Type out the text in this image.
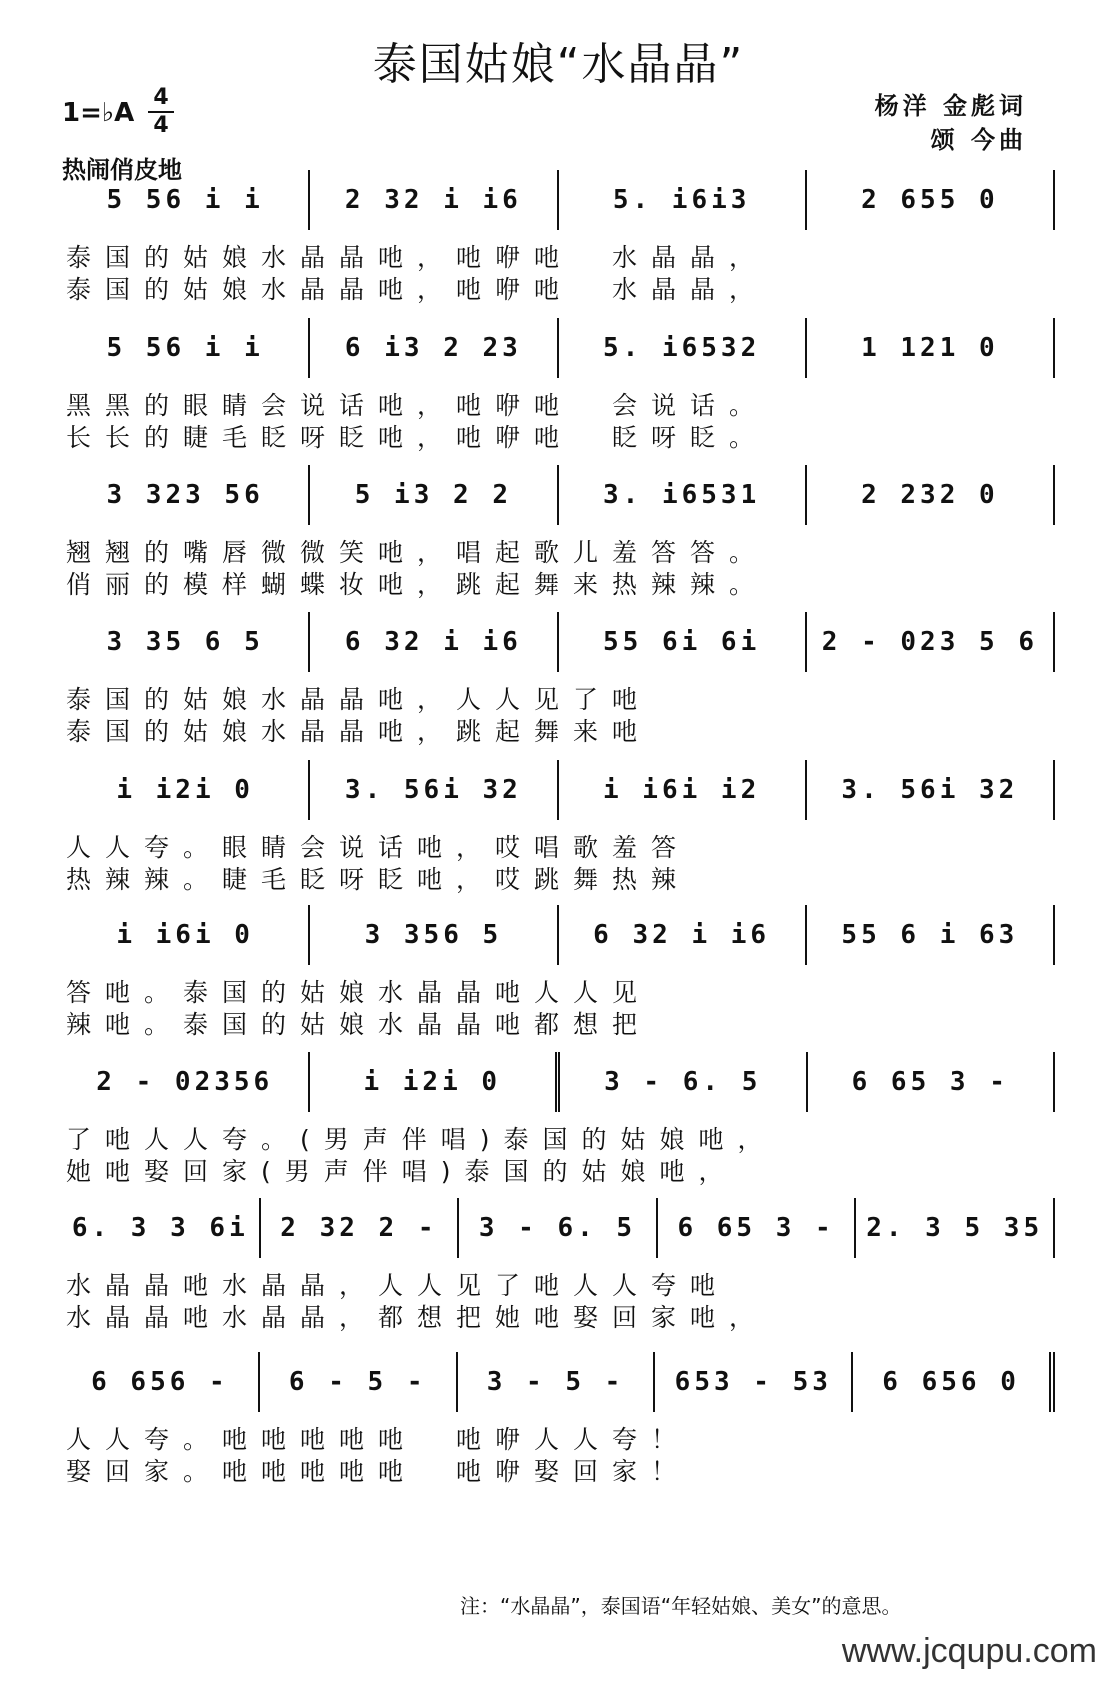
泰国姑娘“水晶晶”
杨洋 金彪词
颂 今曲
1=♭A
4
4
热闹俏皮地
5 56 i i	2 32 i i6	5. i6i3	2 655 0
泰国的姑娘水晶晶吔，吔咿吔　水晶晶，
泰国的姑娘水晶晶吔，吔咿吔　水晶晶，
5 56 i i	6 i3 2 23	5. i6532	1 121 0
黑黑的眼睛会说话吔，吔咿吔　会说话。
长长的睫毛眨呀眨吔，吔咿吔　眨呀眨。
3 323 56	5 i3 2 2	3. i6531	2 232 0
翘翘的嘴唇微微笑吔，唱起歌儿羞答答。
俏丽的模样蝴蝶妆吔，跳起舞来热辣辣。
3 35 6 5	6 32 i i6	55 6i 6i	2 - 023 5 6
泰国的姑娘水晶晶吔，人人见了吔
泰国的姑娘水晶晶吔，跳起舞来吔
i i2i 0	3. 56i 32	i i6i i2	3. 56i 32
人人夸。眼睛会说话吔，哎唱歌羞答
热辣辣。睫毛眨呀眨吔，哎跳舞热辣
i i6i 0	3 356 5	6 32 i i6	55 6 i 63
答吔。泰国的姑娘水晶晶吔人人见
辣吔。泰国的姑娘水晶晶吔都想把
2 - 02356	i i2i 0	3 - 6. 5	6 65 3 -
了吔人人夸。(男声伴唱)泰国的姑娘吔，
她吔娶回家(男声伴唱)泰国的姑娘吔，
6. 3 3 6i	2 32 2 -	3 - 6. 5	6 65 3 -	2. 3 5 35
水晶晶吔水晶晶，人人见了吔人人夸吔
水晶晶吔水晶晶，都想把她吔娶回家吔，
6 656 -	6 - 5 -	3 - 5 -	653 - 53	6 656 0
人人夸。吔吔吔吔吔　吔咿人人夸！
娶回家。吔吔吔吔吔　吔咿娶回家！
注：“水晶晶”，泰国语“年轻姑娘、美女”的意思。
www.jcqupu.com
